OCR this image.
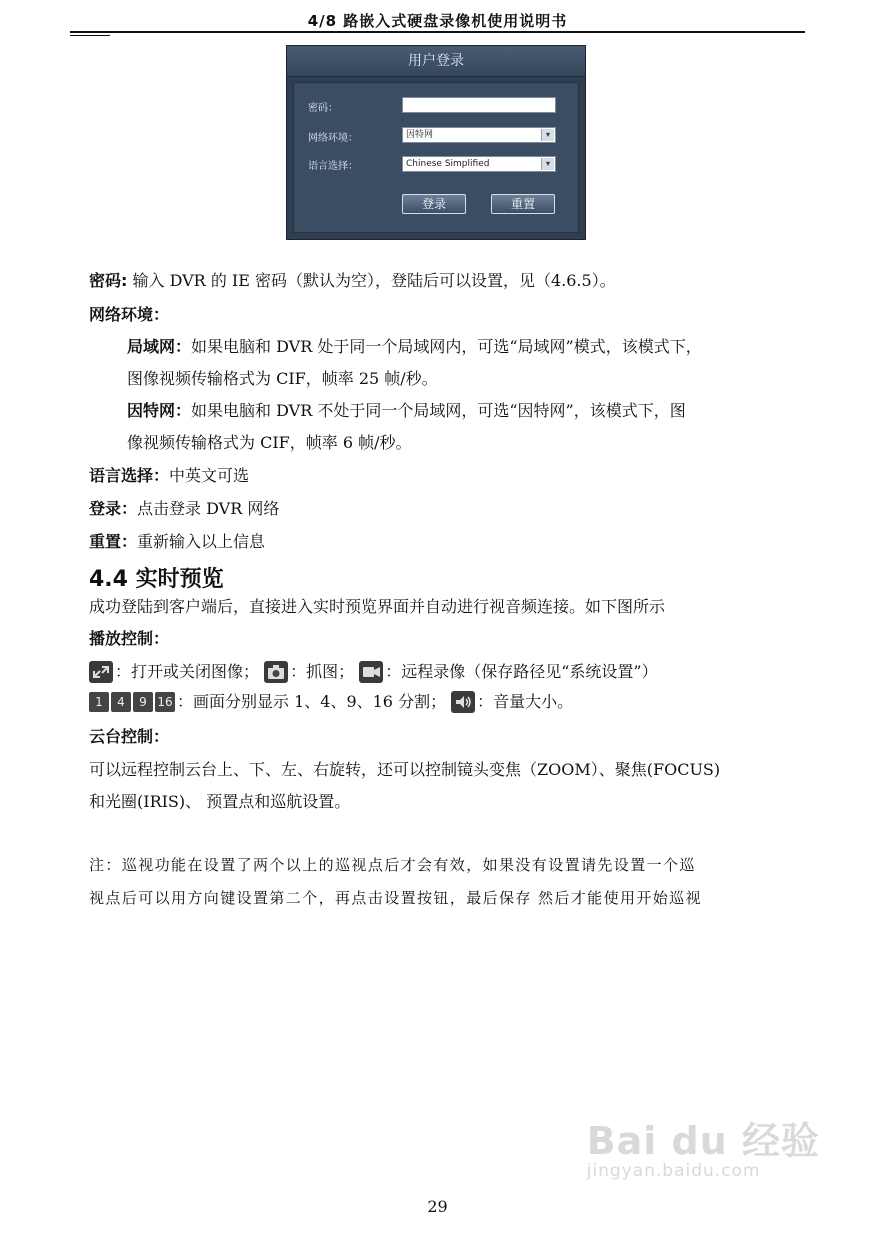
4/8 路嵌入式硬盘录像机使用说明书
用户登录
密码：
网络环境：	因特网	▾
语言选择：	Chinese Simplified	▾
登录	重置
密码: 输入 DVR 的 IE 密码（默认为空），登陆后可以设置，见（4.6.5）。
网络环境：
局域网：如果电脑和 DVR 处于同一个局域网内，可选“局域网”模式，该模式下，
图像视频传输格式为 CIF，帧率 25 帧/秒。
因特网：如果电脑和 DVR 不处于同一个局域网，可选“因特网”，该模式下，图
像视频传输格式为 CIF，帧率 6 帧/秒。
语言选择：中英文可选
登录：点击登录 DVR 网络
重置：重新输入以上信息
4.4 实时预览
成功登陆到客户端后，直接进入实时预览界面并自动进行视音频连接。如下图所示
播放控制：
：打开或关闭图像； ：抓图； ：远程录像（保存路径见“系统设置”）
1 4 9 16 ：画面分别显示 1、4、9、16 分割； ：音量大小。
云台控制：
可以远程控制云台上、下、左、右旋转，还可以控制镜头变焦（ZOOM）、聚焦(FOCUS)
和光圈(IRIS)、 预置点和巡航设置。
注：巡视功能在设置了两个以上的巡视点后才会有效，如果没有设置请先设置一个巡
视点后可以用方向键设置第二个，再点击设置按钮，最后保存 然后才能使用开始巡视
Bai du 经验
jingyan.baidu.com
29
